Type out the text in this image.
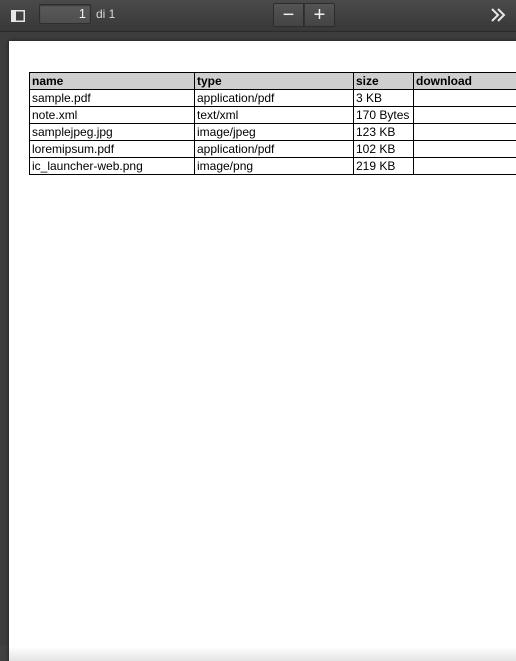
1 di 1	− +
name	type	size	download
sample.pdf	application/pdf	3 KB	
note.xml	text/xml	170 Bytes	
samplejpeg.jpg	image/jpeg	123 KB	
loremipsum.pdf	application/pdf	102 KB	
ic_launcher-web.png	image/png	219 KB	
